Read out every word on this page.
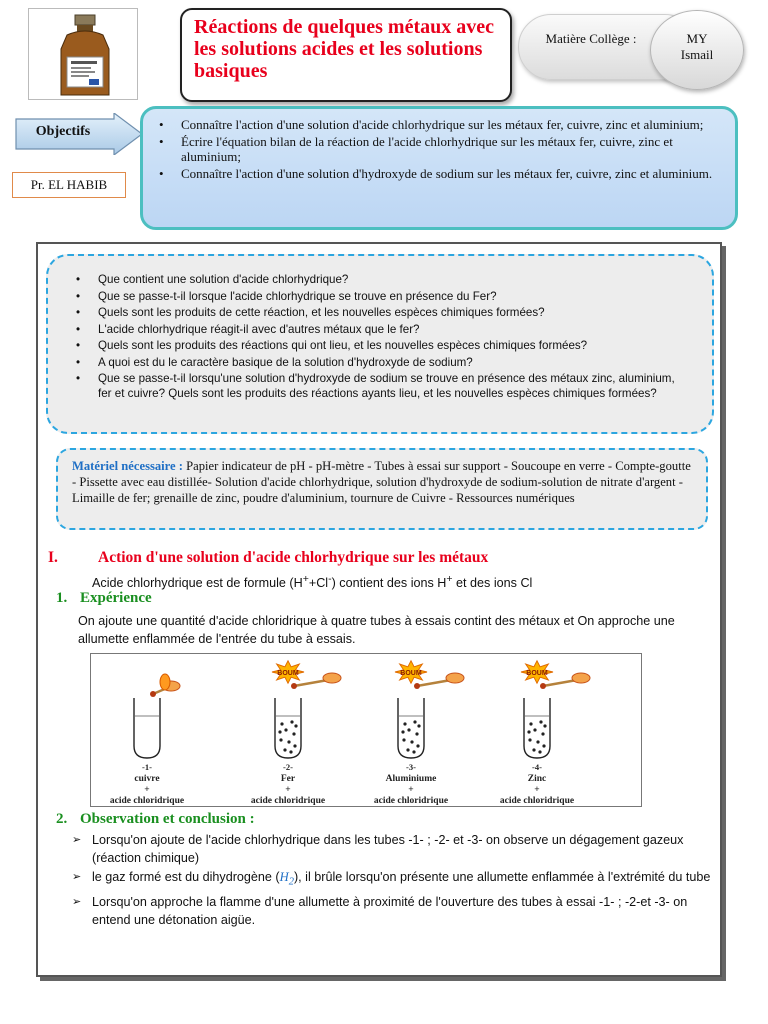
Réactions de quelques métaux avec les solutions acides et les solutions basiques
Matière Collège :	MY
Ismail
Objectifs
Pr. EL HABIB
• Connaître l'action d'une solution d'acide chlorhydrique sur les métaux fer, cuivre, zinc et aluminium;
• Écrire l'équation bilan de la réaction de l'acide chlorhydrique sur les métaux fer, cuivre, zinc et aluminium;
• Connaître l'action d'une solution d'hydroxyde de sodium sur les métaux fer, cuivre, zinc et aluminium.
• Que contient une solution d'acide chlorhydrique?
• Que se passe-t-il lorsque l'acide chlorhydrique se trouve en présence du Fer?
• Quels sont les produits de cette réaction, et les nouvelles espèces chimiques formées?
• L'acide chlorhydrique réagit-il avec d'autres métaux que le fer?
• Quels sont les produits des réactions qui ont lieu, et les nouvelles espèces chimiques formées?
• A quoi est du le caractère basique de la solution d'hydroxyde de sodium?
• Que se passe-t-il lorsqu'une solution d'hydroxyde de sodium se trouve en présence des métaux zinc, aluminium, fer et cuivre? Quels sont les produits des réactions ayants lieu, et les nouvelles espèces chimiques formées?
Matériel nécessaire : Papier indicateur de pH - pH-mètre - Tubes à essai sur support - Soucoupe en verre - Compte-goutte - Pissette avec eau distillée- Solution d'acide chlorhydrique, solution d'hydroxyde de sodium-solution de nitrate d'argent - Limaille de fer; grenaille de zinc, poudre d'aluminium, tournure de Cuivre - Ressources numériques
I.	Action d'une solution d'acide chlorhydrique sur les métaux
Acide chlorhydrique est de formule (H++Cl-) contient des ions H+ et des ions Cl
1. Expérience
On ajoute une quantité d'acide chloridrique à quatre tubes à essais contint des métaux et On approche une allumette enflammée de l'entrée du tube à essais.
-1-
cuivre
+
acide chloridrique
BOUM
-2-
Fer
+
acide chloridrique
BOUM
-3-
Aluminiume
+
acide chloridrique
BOUM
-4-
Zinc
+
acide chloridrique
2. Observation et conclusion :
➢ Lorsqu'on ajoute de l'acide chlorhydrique dans les tubes -1- ; -2- et -3- on observe un dégagement gazeux (réaction chimique)
➢ le gaz formé est du dihydrogène $(H_2)$, il brûle lorsqu'on présente une allumette enflammée à l'extrémité du tube
➢ Lorsqu'on approche la flamme d'une allumette à proximité de l'ouverture des tubes à essai -1- ; -2-et -3- on entend une détonation aigüe.
